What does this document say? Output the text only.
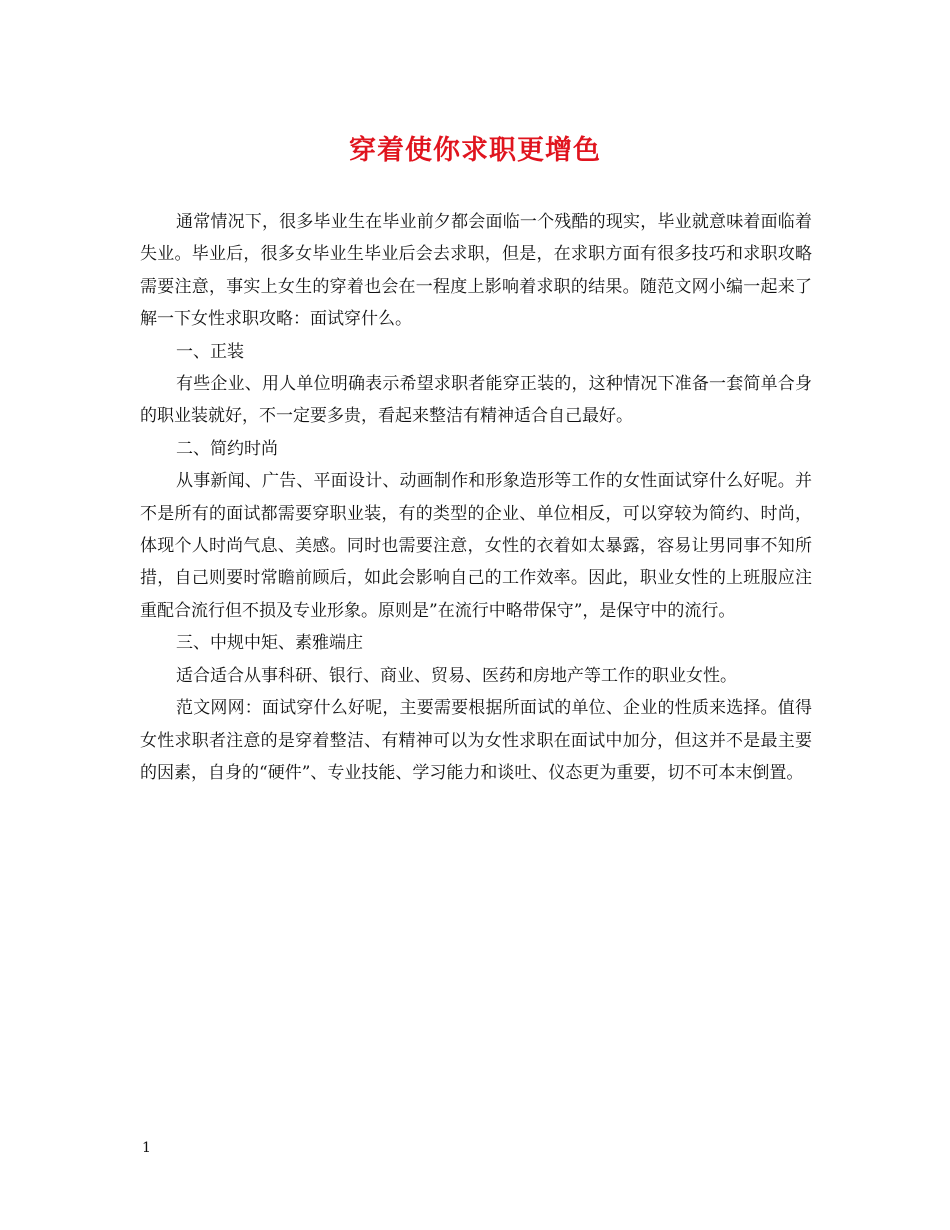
穿着使你求职更增色

通常情况下，很多毕业生在毕业前夕都会面临一个残酷的现实，毕业就意味着面临着失业。毕业后，很多女毕业生毕业后会去求职，但是，在求职方面有很多技巧和求职攻略需要注意，事实上女生的穿着也会在一程度上影响着求职的结果。随范文网小编一起来了解一下女性求职攻略：面试穿什么。

一、正装

有些企业、用人单位明确表示希望求职者能穿正装的，这种情况下准备一套简单合身的职业装就好，不一定要多贵，看起来整洁有精神适合自己最好。

二、简约时尚

从事新闻、广告、平面设计、动画制作和形象造形等工作的女性面试穿什么好呢。并不是所有的面试都需要穿职业装，有的类型的企业、单位相反，可以穿较为简约、时尚，体现个人时尚气息、美感。同时也需要注意，女性的衣着如太暴露，容易让男同事不知所措，自己则要时常瞻前顾后，如此会影响自己的工作效率。因此，职业女性的上班服应注重配合流行但不损及专业形象。原则是”在流行中略带保守”，是保守中的流行。

三、中规中矩、素雅端庄

适合适合从事科研、银行、商业、贸易、医药和房地产等工作的职业女性。

范文网网：面试穿什么好呢，主要需要根据所面试的单位、企业的性质来选择。值得女性求职者注意的是穿着整洁、有精神可以为女性求职在面试中加分，但这并不是最主要的因素，自身的“硬件”、专业技能、学习能力和谈吐、仪态更为重要，切不可本末倒置。

1
